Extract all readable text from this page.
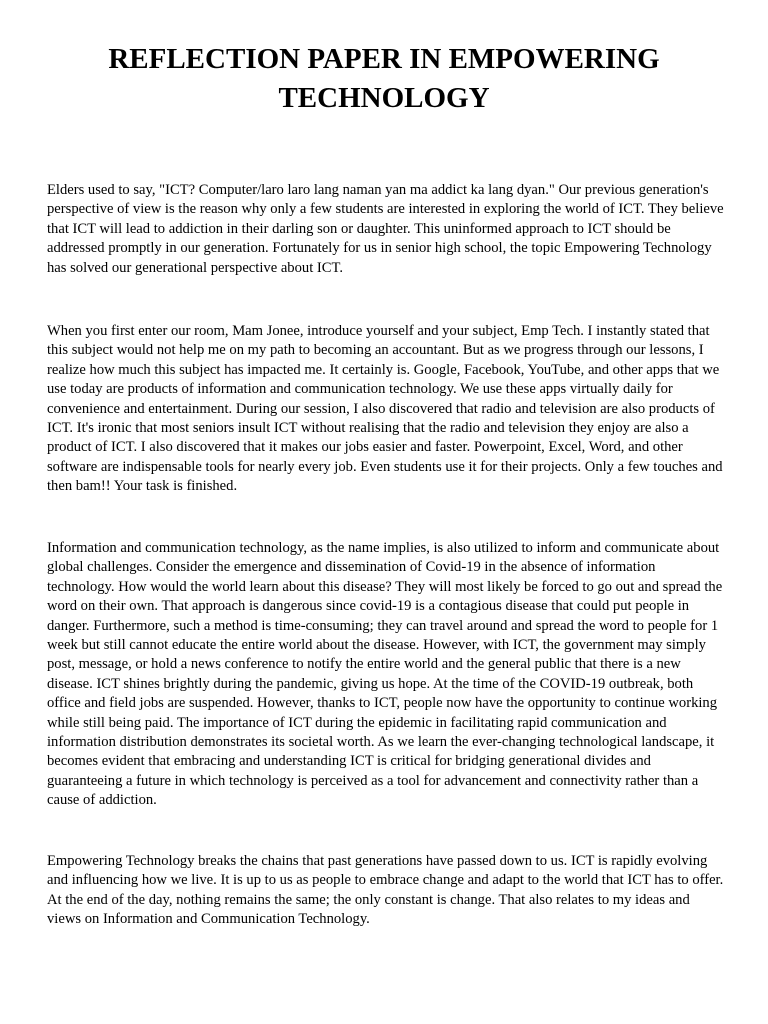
REFLECTION PAPER IN EMPOWERING TECHNOLOGY

Elders used to say, "ICT? Computer/laro laro lang naman yan ma addict ka lang dyan." Our previous generation's perspective of view is the reason why only a few students are interested in exploring the world of ICT. They believe that ICT will lead to addiction in their darling son or daughter. This uninformed approach to ICT should be addressed promptly in our generation. Fortunately for us in senior high school, the topic Empowering Technology has solved our generational perspective about ICT.

When you first enter our room, Mam Jonee, introduce yourself and your subject, Emp Tech. I instantly stated that this subject would not help me on my path to becoming an accountant. But as we progress through our lessons, I realize how much this subject has impacted me. It certainly is. Google, Facebook, YouTube, and other apps that we use today are products of information and communication technology. We use these apps virtually daily for convenience and entertainment. During our session, I also discovered that radio and television are also products of ICT. It's ironic that most seniors insult ICT without realising that the radio and television they enjoy are also a product of ICT. I also discovered that it makes our jobs easier and faster. Powerpoint, Excel, Word, and other software are indispensable tools for nearly every job. Even students use it for their projects. Only a few touches and then bam!! Your task is finished.

Information and communication technology, as the name implies, is also utilized to inform and communicate about global challenges. Consider the emergence and dissemination of Covid-19 in the absence of information technology. How would the world learn about this disease? They will most likely be forced to go out and spread the word on their own. That approach is dangerous since covid-19 is a contagious disease that could put people in danger. Furthermore, such a method is time-consuming; they can travel around and spread the word to people for 1 week but still cannot educate the entire world about the disease. However, with ICT, the government may simply post, message, or hold a news conference to notify the entire world and the general public that there is a new disease. ICT shines brightly during the pandemic, giving us hope. At the time of the COVID-19 outbreak, both office and field jobs are suspended. However, thanks to ICT, people now have the opportunity to continue working while still being paid. The importance of ICT during the epidemic in facilitating rapid communication and information distribution demonstrates its societal worth. As we learn the ever-changing technological landscape, it becomes evident that embracing and understanding ICT is critical for bridging generational divides and guaranteeing a future in which technology is perceived as a tool for advancement and connectivity rather than a cause of addiction.

Empowering Technology breaks the chains that past generations have passed down to us. ICT is rapidly evolving and influencing how we live. It is up to us as people to embrace change and adapt to the world that ICT has to offer. At the end of the day, nothing remains the same; the only constant is change. That also relates to my ideas and views on Information and Communication Technology.
